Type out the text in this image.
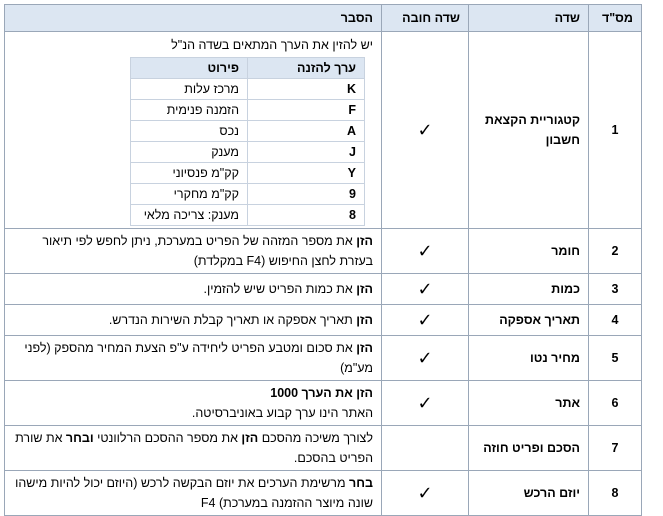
מס"ד	שדה	שדה חובה	הסבר
1	קטגוריית הקצאת חשבון	✓	
יש להזין את הערך המתאים בשדה הנ"ל
ערך להזנה	פירוט
K	מרכז עלות
F	הזמנה פנימית
A	נכס
J	מענק
Y	קק"מ פנסיוני
9	קק"מ מחקרי
8	מענק: צריכה מלאי

2	חומר	✓	הזן את מספר המזהה של הפריט במערכת, ניתן לחפש לפי תיאור בעזרת לחצן החיפוש (F4 במקלדת)
3	כמות	✓	הזן את כמות הפריט שיש להזמין.
4	תאריך אספקה	✓	הזן תאריך אספקה או תאריך קבלת השירות הנדרש.
5	מחיר נטו	✓	הזן את סכום ומטבע הפריט ליחידה ע"פ הצעת המחיר מהספק (לפני מע"מ)
6	אתר	✓	הזן את הערך 1000
האתר הינו ערך קבוע באוניברסיטה.
7	הסכם ופריט חוזה		לצורך משיכה מהסכם הזן את מספר ההסכם הרלוונטי ובחר את שורת הפריט בהסכם.
8	יוזם הרכש	✓	בחר מרשימת הערכים את יוזם הבקשה לרכש (היוזם יכול להיות מישהו שונה מיוצר ההזמנה במערכת) F4
